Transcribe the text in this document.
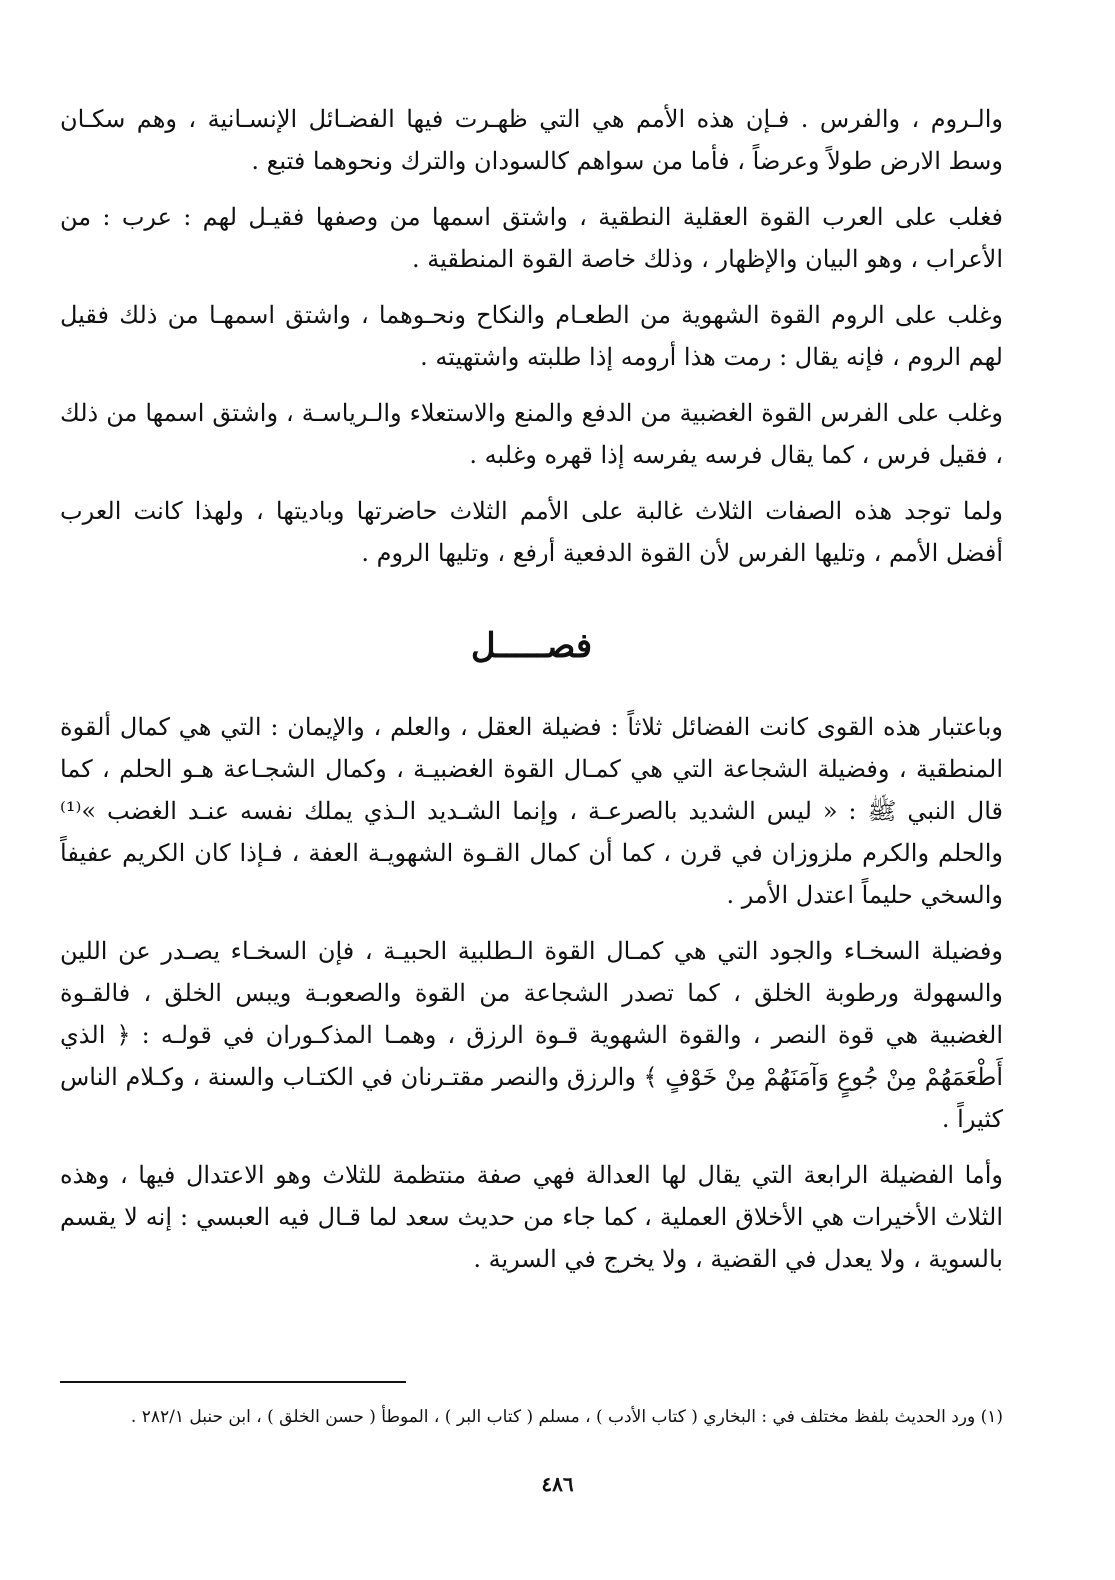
والـروم ، والفرس . فـإن هذه الأمم هي التي ظهـرت فيها الفضـائل الإنسـانية ، وهم سكـان وسط الارض طولاً وعرضاً ، فأما من سواهم كالسودان والترك ونحوهما فتبع .

فغلب على العرب القوة العقلية النطقية ، واشتق اسمها من وصفها فقيـل لهم : عرب : من الأعراب ، وهو البيان والإظهار ، وذلك خاصة القوة المنطقية .

وغلب على الروم القوة الشهوية من الطعـام والنكاح ونحـوهما ، واشتق اسمهـا من ذلك فقيل لهم الروم ، فإنه يقال : رمت هذا أرومه إذا طلبته واشتهيته .

وغلب على الفرس القوة الغضبية من الدفع والمنع والاستعلاء والـرياسـة ، واشتق اسمها من ذلك ، فقيل فرس ، كما يقال فرسه يفرسه إذا قهره وغلبه .

ولما توجد هذه الصفات الثلاث غالبة على الأمم الثلاث حاضرتها وباديتها ، ولهذا كانت العرب أفضل الأمم ، وتليها الفرس لأن القوة الدفعية أرفع ، وتليها الروم .

فصـــــل

وباعتبار هذه القوى كانت الفضائل ثلاثاً : فضيلة العقل ، والعلم ، والإيمان : التي هي كمال ألقوة المنطقية ، وفضيلة الشجاعة التي هي كمـال القوة الغضبيـة ، وكمال الشجـاعة هـو الحلم ، كما قال النبي ﷺ : « ليس الشديد بالصرعـة ، وإنما الشـديد الـذي يملك نفسه عنـد الغضب »⁽¹⁾ والحلم والكرم ملزوزان في قرن ، كما أن كمال القـوة الشهويـة العفة ، فـإذا كان الكريم عفيفاً والسخي حليماً اعتدل الأمر .

وفضيلة السخـاء والجود التي هي كمـال القوة الـطلبية الحبيـة ، فإن السخـاء يصـدر عن اللين والسهولة ورطوبة الخلق ، كما تصدر الشجاعة من القوة والصعوبـة ويبس الخلق ، فالقـوة الغضبية هي قوة النصر ، والقوة الشهوية قـوة الرزق ، وهمـا المذكـوران في قولـه : ﴿ الذي أَطْعَمَهُمْ مِنْ جُوعٍ وَآمَنَهُمْ مِنْ خَوْفٍ ﴾ والرزق والنصر مقتـرنان في الكتـاب والسنة ، وكـلام الناس كثيراً .

وأما الفضيلة الرابعة التي يقال لها العدالة فهي صفة منتظمة للثلاث وهو الاعتدال فيها ، وهذه الثلاث الأخيرات هي الأخلاق العملية ، كما جاء من حديث سعد لما قـال فيه العبسي : إنه لا يقسم بالسوية ، ولا يعدل في القضية ، ولا يخرج في السرية .

(١) ورد الحديث بلفظ مختلف في : البخاري ( كتاب الأدب ) ، مسلم ( كتاب البر ) ، الموطأ ( حسن الخلق ) ، ابن حنبل ٢٨٢/١ .
٤٨٦
